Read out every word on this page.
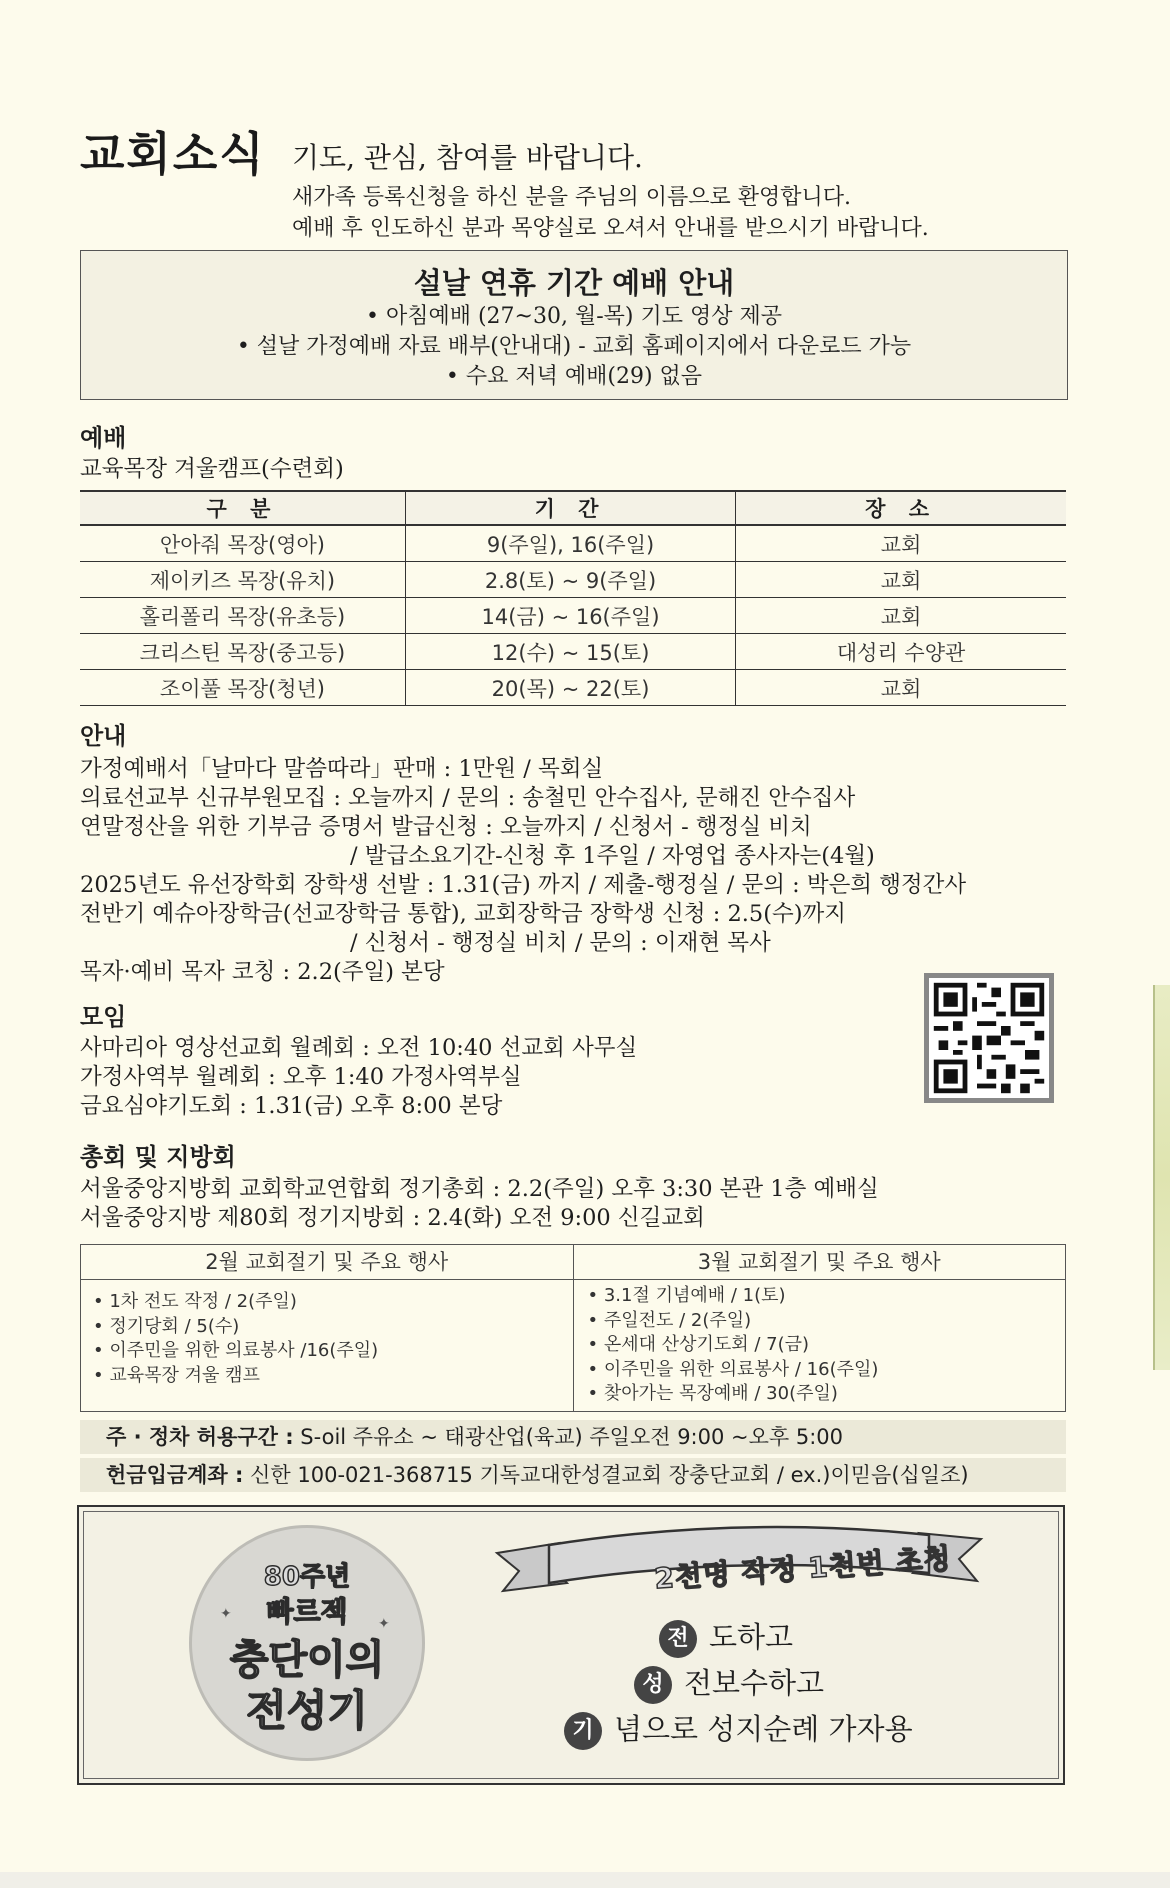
교회소식 기도, 관심, 참여를 바랍니다.
새가족 등록신청을 하신 분을 주님의 이름으로 환영합니다.
예배 후 인도하신 분과 목양실로 오셔서 안내를 받으시기 바랍니다.
설날 연휴 기간 예배 안내
• 아침예배 (27~30, 월-목) 기도 영상 제공
• 설날 가정예배 자료 배부(안내대) - 교회 홈페이지에서 다운로드 가능
• 수요 저녁 예배(29) 없음
예배
교육목장 겨울캠프(수련회)
구 분	기 간	장 소
안아줘 목장(영아)	9(주일), 16(주일)	교회
제이키즈 목장(유치)	2.8(토) ~ 9(주일)	교회
홀리폴리 목장(유초등)	14(금) ~ 16(주일)	교회
크리스틴 목장(중고등)	12(수) ~ 15(토)	대성리 수양관
조이풀 목장(청년)	20(목) ~ 22(토)	교회
안내
가정예배서「날마다 말씀따라」판매 : 1만원 / 목회실
의료선교부 신규부원모집 : 오늘까지 / 문의 : 송철민 안수집사, 문해진 안수집사
연말정산을 위한 기부금 증명서 발급신청 : 오늘까지 / 신청서 - 행정실 비치
/ 발급소요기간-신청 후 1주일 / 자영업 종사자는(4월)
2025년도 유선장학회 장학생 선발 : 1.31(금) 까지 / 제출-행정실 / 문의 : 박은희 행정간사
전반기 예슈아장학금(선교장학금 통합), 교회장학금 장학생 신청 : 2.5(수)까지
/ 신청서 - 행정실 비치 / 문의 : 이재현 목사
목자·예비 목자 코칭 : 2.2(주일) 본당
모임
사마리아 영상선교회 월례회 : 오전 10:40 선교회 사무실
가정사역부 월례회 : 오후 1:40 가정사역부실
금요심야기도회 : 1.31(금) 오후 8:00 본당
총회 및 지방회
서울중앙지방회 교회학교연합회 정기총회 : 2.2(주일) 오후 3:30 본관 1층 예배실
서울중앙지방 제80회 정기지방회 : 2.4(화) 오전 9:00 신길교회
2월 교회절기 및 주요 행사
• 1차 전도 작정 / 2(주일)
• 정기당회 / 5(수)
• 이주민을 위한 의료봉사 /16(주일)
• 교육목장 겨울 캠프
3월 교회절기 및 주요 행사
• 3.1절 기념예배 / 1(토)
• 주일전도 / 2(주일)
• 온세대 산상기도회 / 7(금)
• 이주민을 위한 의료봉사 / 16(주일)
• 찾아가는 목장예배 / 30(주일)
주 · 정차 허용구간 : S-oil 주유소 ~ 태광산업(육교) 주일오전 9:00 ~오후 5:00
헌금입금계좌 : 신한 100-021-368715 기독교대한성결교회 장충단교회 / ex.)이믿음(십일조)
80주년
빠르젝
충단이의
전성기
✦
✦
2천명 작정 1천번 초청
전 도하고
성 전보수하고
기 념으로 성지순례 가자용
